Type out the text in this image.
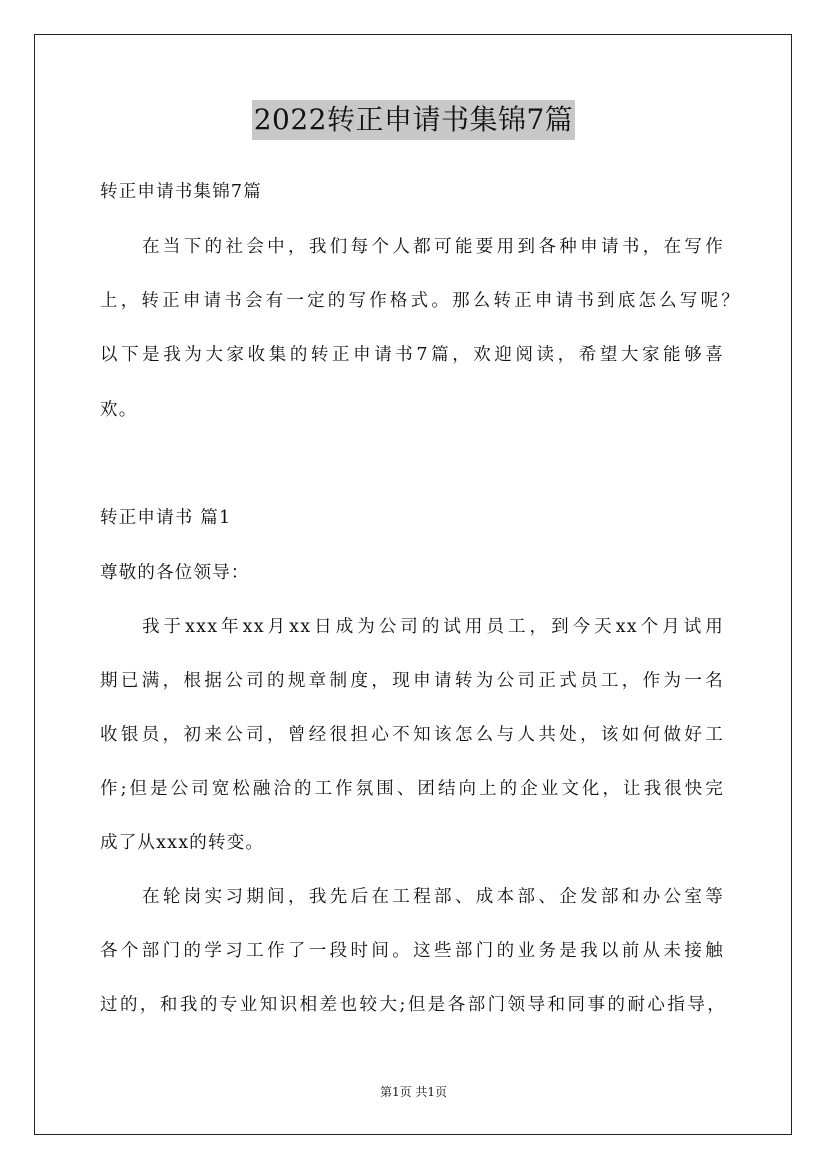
2022转正申请书集锦7篇
转正申请书集锦7篇
在当下的社会中，我们每个人都可能要用到各种申请书，在写作
上，转正申请书会有一定的写作格式。那么转正申请书到底怎么写呢？
以下是我为大家收集的转正申请书7篇，欢迎阅读，希望大家能够喜
欢。
转正申请书 篇1
尊敬的各位领导：
我于xxx年xx月xx日成为公司的试用员工，到今天xx个月试用
期已满，根据公司的规章制度，现申请转为公司正式员工，作为一名
收银员，初来公司，曾经很担心不知该怎么与人共处，该如何做好工
作;但是公司宽松融洽的工作氛围、团结向上的企业文化，让我很快完
成了从xxx的转变。
在轮岗实习期间，我先后在工程部、成本部、企发部和办公室等
各个部门的学习工作了一段时间。这些部门的业务是我以前从未接触
过的，和我的专业知识相差也较大;但是各部门领导和同事的耐心指导，
第1页 共1页
